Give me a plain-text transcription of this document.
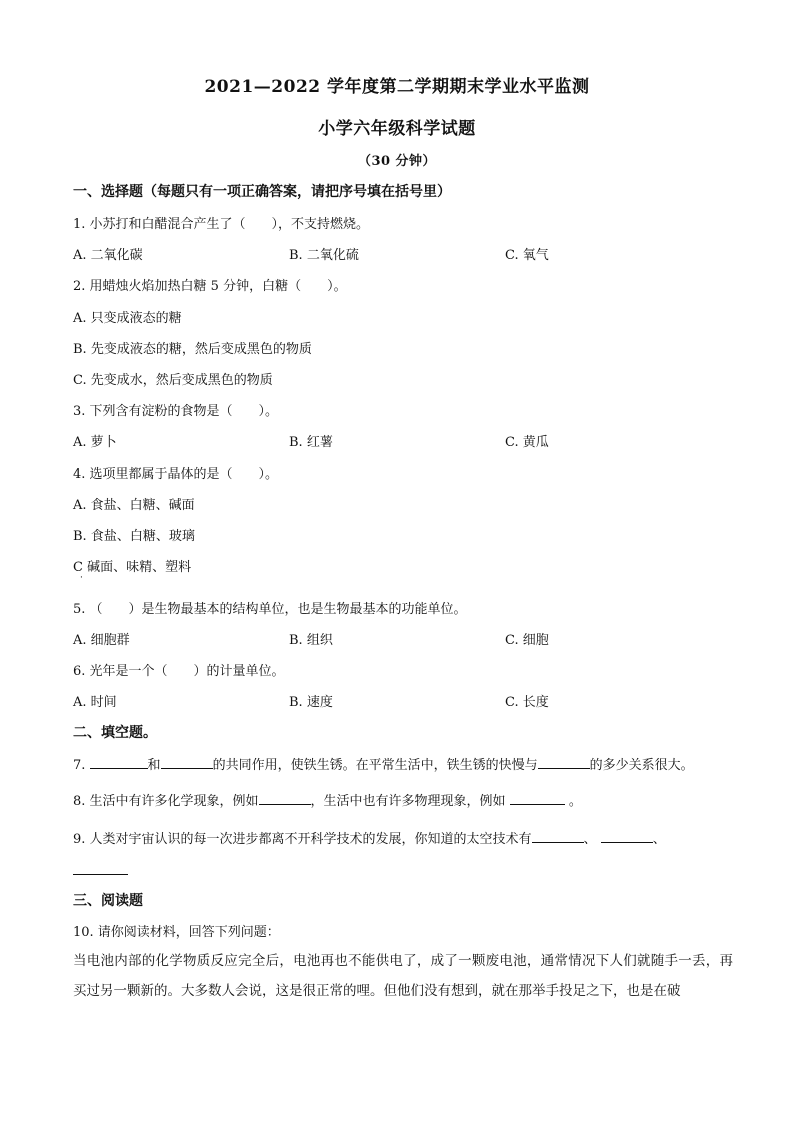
2021—2022 学年度第二学期期末学业水平监测
小学六年级科学试题
（30 分钟）
一、选择题（每题只有一项正确答案，请把序号填在括号里）
1. 小苏打和白醋混合产生了（　　），不支持燃烧。
A. 二氧化碳	B. 二氧化硫	C. 氧气
2. 用蜡烛火焰加热白糖 5 分钟，白糖（　　）。
A. 只变成液态的糖
B. 先变成液态的糖，然后变成黑色的物质
C. 先变成水，然后变成黑色的物质
3. 下列含有淀粉的食物是（　　）。
A. 萝卜	B. 红薯	C. 黄瓜
4. 选项里都属于晶体的是（　　）。
A. 食盐、白糖、碱面
B. 食盐、白糖、玻璃
C 碱面、味精、塑料
·
5. （　　）是生物最基本的结构单位，也是生物最基本的功能单位。
A. 细胞群	B. 组织	C. 细胞
6. 光年是一个（　　）的计量单位。
A. 时间	B. 速度	C. 长度
二、填空题。
7.	和	的共同作用，使铁生锈。在平常生活中，铁生锈的快慢与	的多少关系很大。
8. 生活中有许多化学现象，例如	，生活中也有许多物理现象，例如	。
9. 人类对宇宙认识的每一次进步都离不开科学技术的发展，你知道的太空技术有	、	、
三、阅读题
10. 请你阅读材料，回答下列问题：
当电池内部的化学物质反应完全后，电池再也不能供电了，成了一颗废电池，通常情况下人们就随手一丢，再买过另一颗新的。大多数人会说，这是很正常的哩。但他们没有想到，就在那举手投足之下，也是在破
